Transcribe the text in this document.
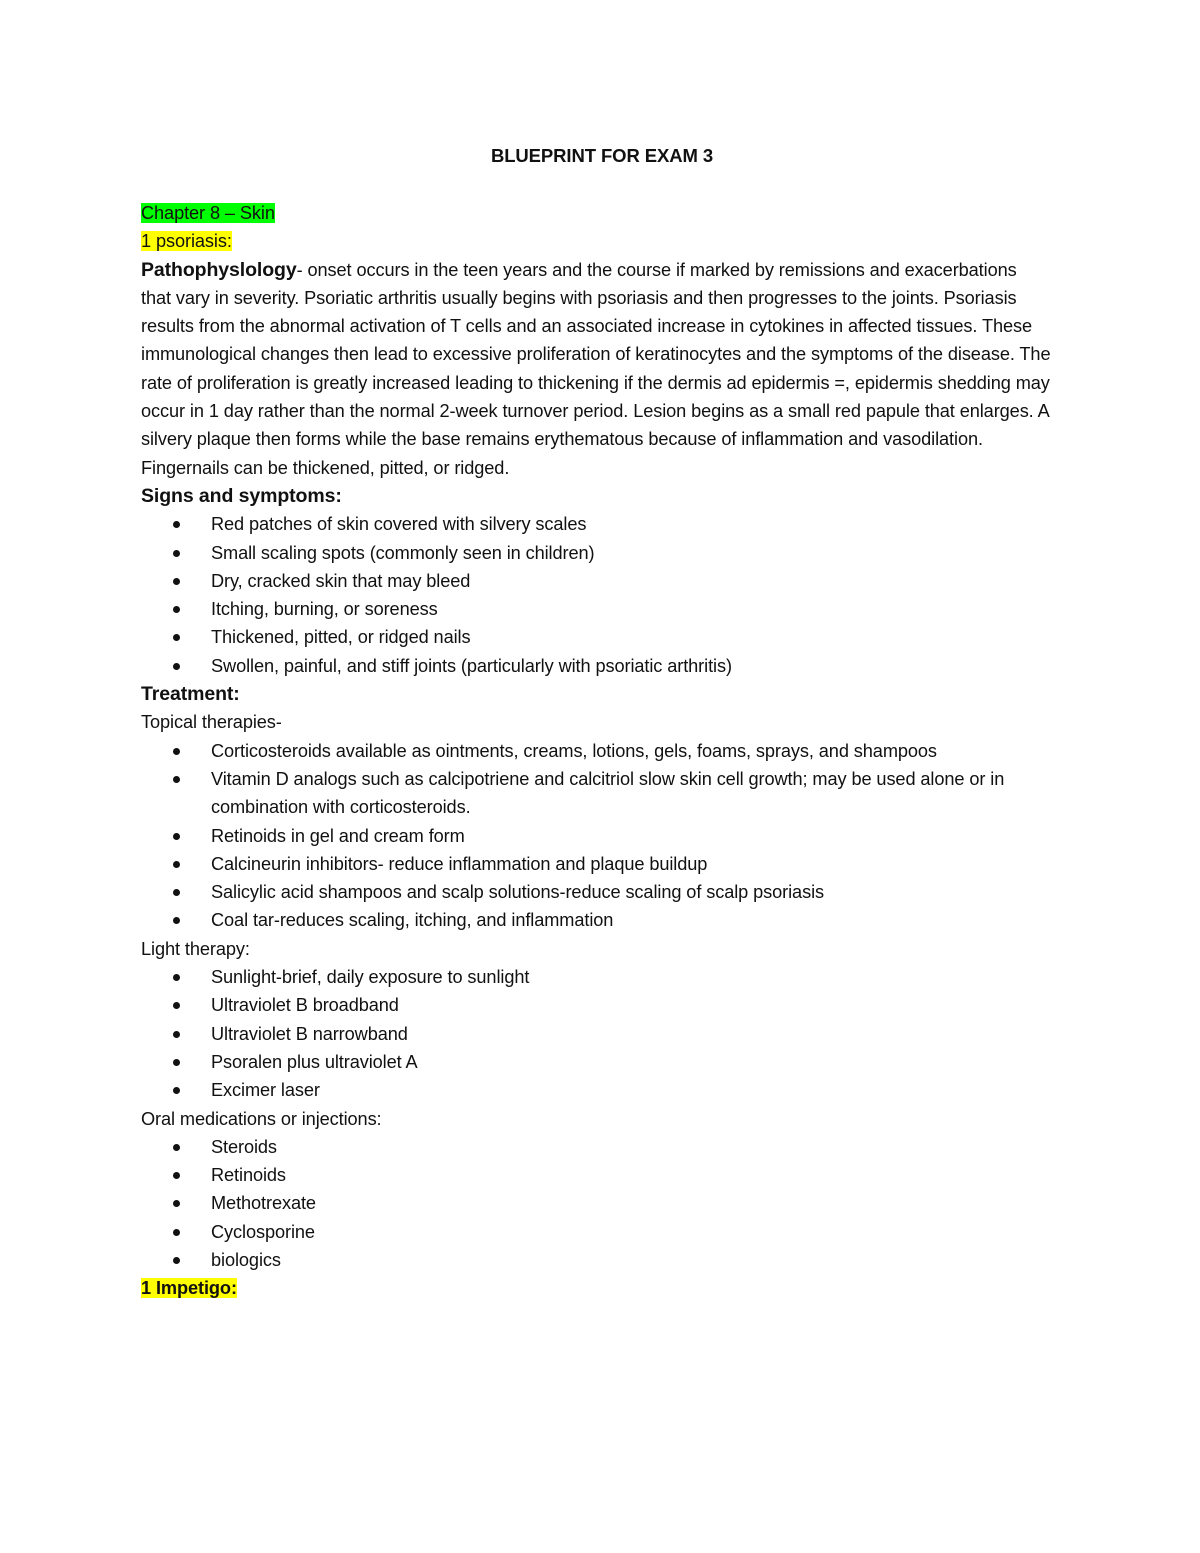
BLUEPRINT FOR EXAM 3
Chapter 8 – Skin
1 psoriasis:

Pathophyslology- onset occurs in the teen years and the course if marked by remissions and exacerbations that vary in severity. Psoriatic arthritis usually begins with psoriasis and then progresses to the joints. Psoriasis results from the abnormal activation of T cells and an associated increase in cytokines in affected tissues. These immunological changes then lead to excessive proliferation of keratinocytes and the symptoms of the disease. The rate of proliferation is greatly increased leading to thickening if the dermis ad epidermis =, epidermis shedding may occur in 1 day rather than the normal 2-week turnover period. Lesion begins as a small red papule that enlarges. A silvery plaque then forms while the base remains erythematous because of inflammation and vasodilation. Fingernails can be thickened, pitted, or ridged.

Signs and symptoms:
Red patches of skin covered with silvery scales
Small scaling spots (commonly seen in children)
Dry, cracked skin that may bleed
Itching, burning, or soreness
Thickened, pitted, or ridged nails
Swollen, painful, and stiff joints (particularly with psoriatic arthritis)
Treatment:
Topical therapies-
Corticosteroids available as ointments, creams, lotions, gels, foams, sprays, and shampoos
Vitamin D analogs such as calcipotriene and calcitriol slow skin cell growth; may be used alone or in combination with corticosteroids.
Retinoids in gel and cream form
Calcineurin inhibitors- reduce inflammation and plaque buildup
Salicylic acid shampoos and scalp solutions-reduce scaling of scalp psoriasis
Coal tar-reduces scaling, itching, and inflammation
Light therapy:
Sunlight-brief, daily exposure to sunlight
Ultraviolet B broadband
Ultraviolet B narrowband
Psoralen plus ultraviolet A
Excimer laser
Oral medications or injections:
Steroids
Retinoids
Methotrexate
Cyclosporine
biologics
1 Impetigo:
